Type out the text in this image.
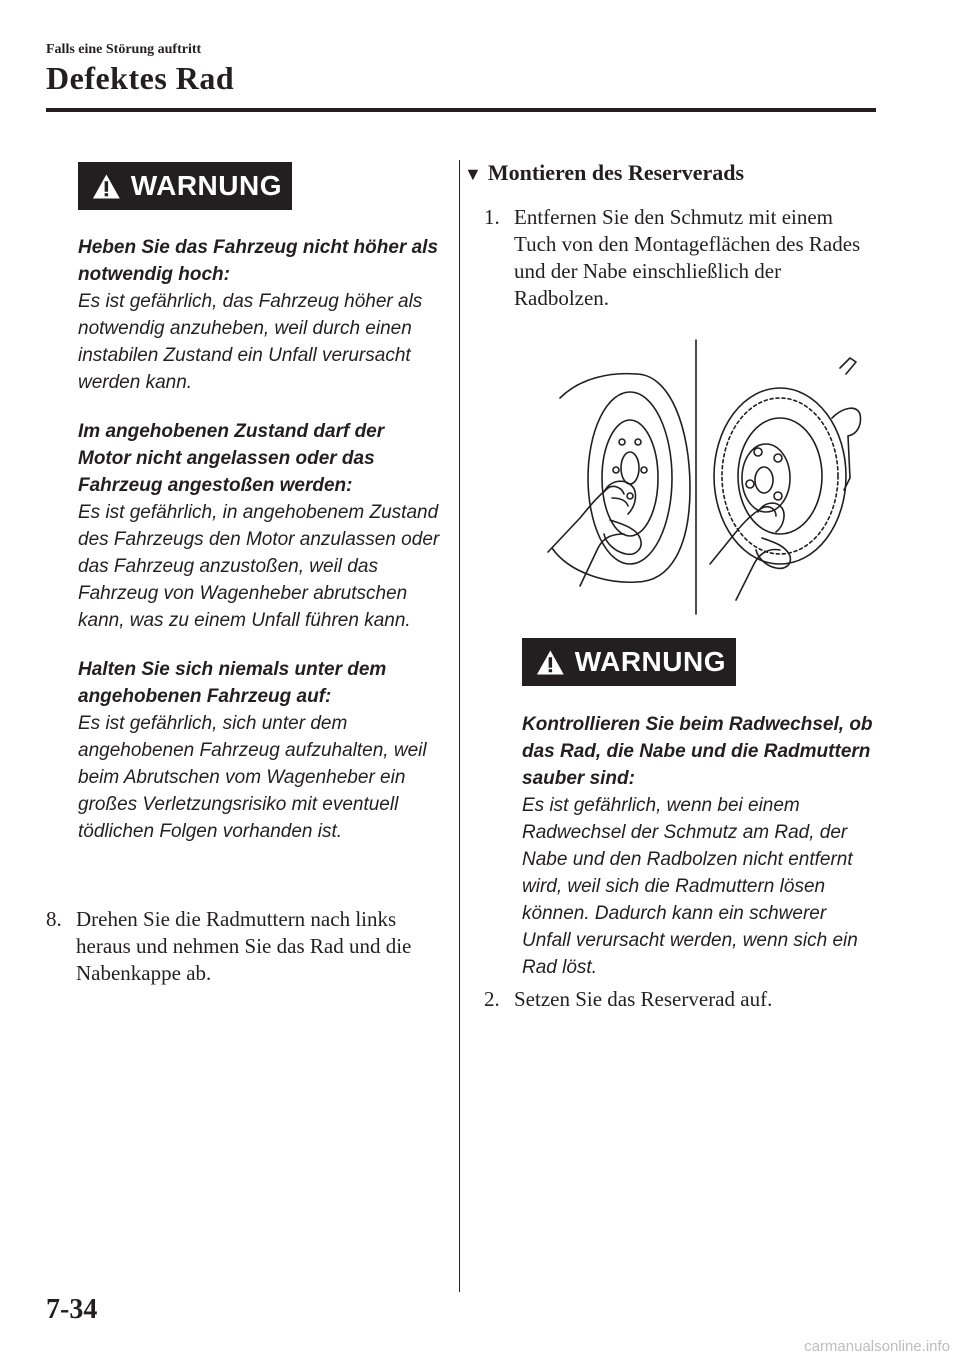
Falls eine Störung auftritt
Defektes Rad
WARNUNG
Heben Sie das Fahrzeug nicht höher als notwendig hoch:
Es ist gefährlich, das Fahrzeug höher als notwendig anzuheben, weil durch einen instabilen Zustand ein Unfall verursacht werden kann.
Im angehobenen Zustand darf der Motor nicht angelassen oder das Fahrzeug angestoßen werden:
Es ist gefährlich, in angehobenem Zustand des Fahrzeugs den Motor anzulassen oder das Fahrzeug anzustoßen, weil das Fahrzeug von Wagenheber abrutschen kann, was zu einem Unfall führen kann.
Halten Sie sich niemals unter dem angehobenen Fahrzeug auf:
Es ist gefährlich, sich unter dem angehobenen Fahrzeug aufzuhalten, weil beim Abrutschen vom Wagenheber ein großes Verletzungsrisiko mit eventuell tödlichen Folgen vorhanden ist.
8. Drehen Sie die Radmuttern nach links heraus und nehmen Sie das Rad und die Nabenkappe ab.
▼ Montieren des Reserverads
1. Entfernen Sie den Schmutz mit einem Tuch von den Montageflächen des Rades und der Nabe einschließlich der Radbolzen.
WARNUNG
Kontrollieren Sie beim Radwechsel, ob das Rad, die Nabe und die Radmuttern sauber sind:
Es ist gefährlich, wenn bei einem Radwechsel der Schmutz am Rad, der Nabe und den Radbolzen nicht entfernt wird, weil sich die Radmuttern lösen können. Dadurch kann ein schwerer Unfall verursacht werden, wenn sich ein Rad löst.
2. Setzen Sie das Reserverad auf.
7-34
carmanualsonline.info
